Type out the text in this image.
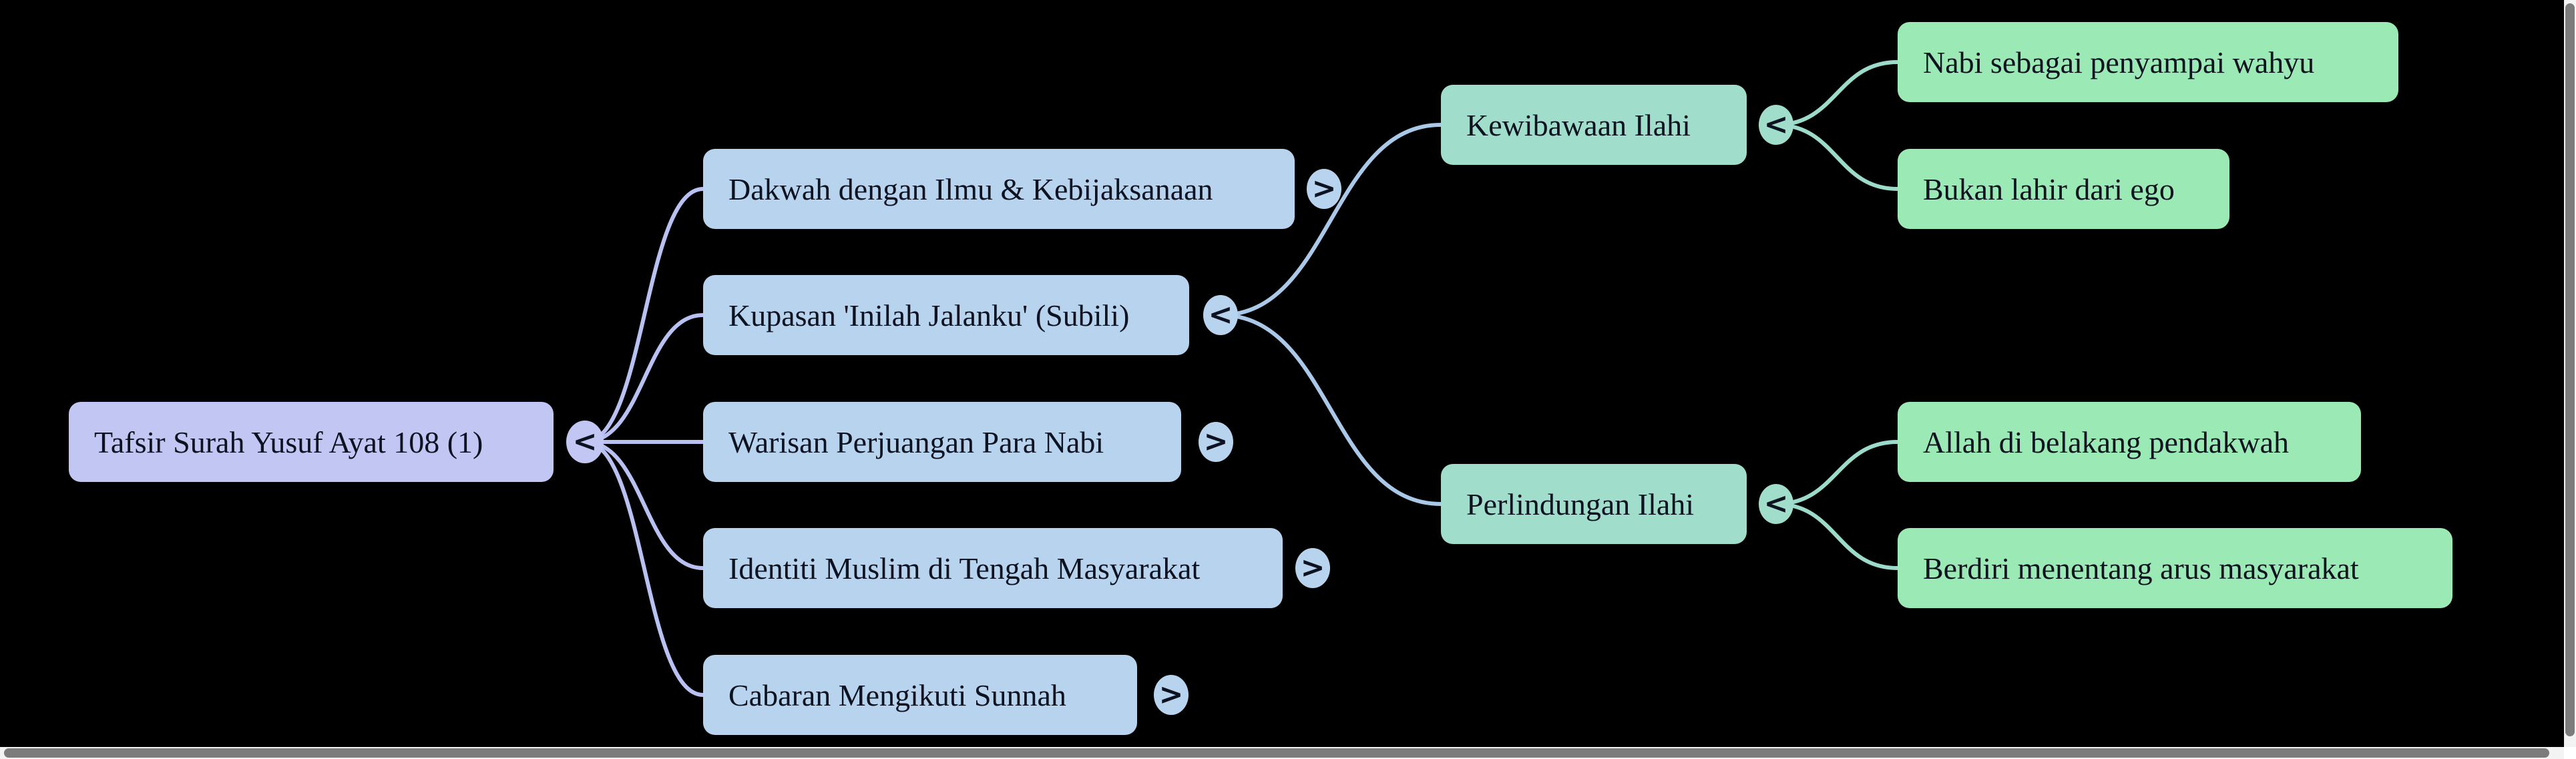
Tafsir Surah Yusuf Ayat 108 (1)	<
Dakwah dengan Ilmu & Kebijaksanaan	>
Kupasan 'Inilah Jalanku' (Subili)	<
Warisan Perjuangan Para Nabi	>
Identiti Muslim di Tengah Masyarakat	>
Cabaran Mengikuti Sunnah	>
Kewibawaan Ilahi <
Perlindungan Ilahi <
Nabi sebagai penyampai wahyu
Bukan lahir dari ego
Allah di belakang pendakwah
Berdiri menentang arus masyarakat
